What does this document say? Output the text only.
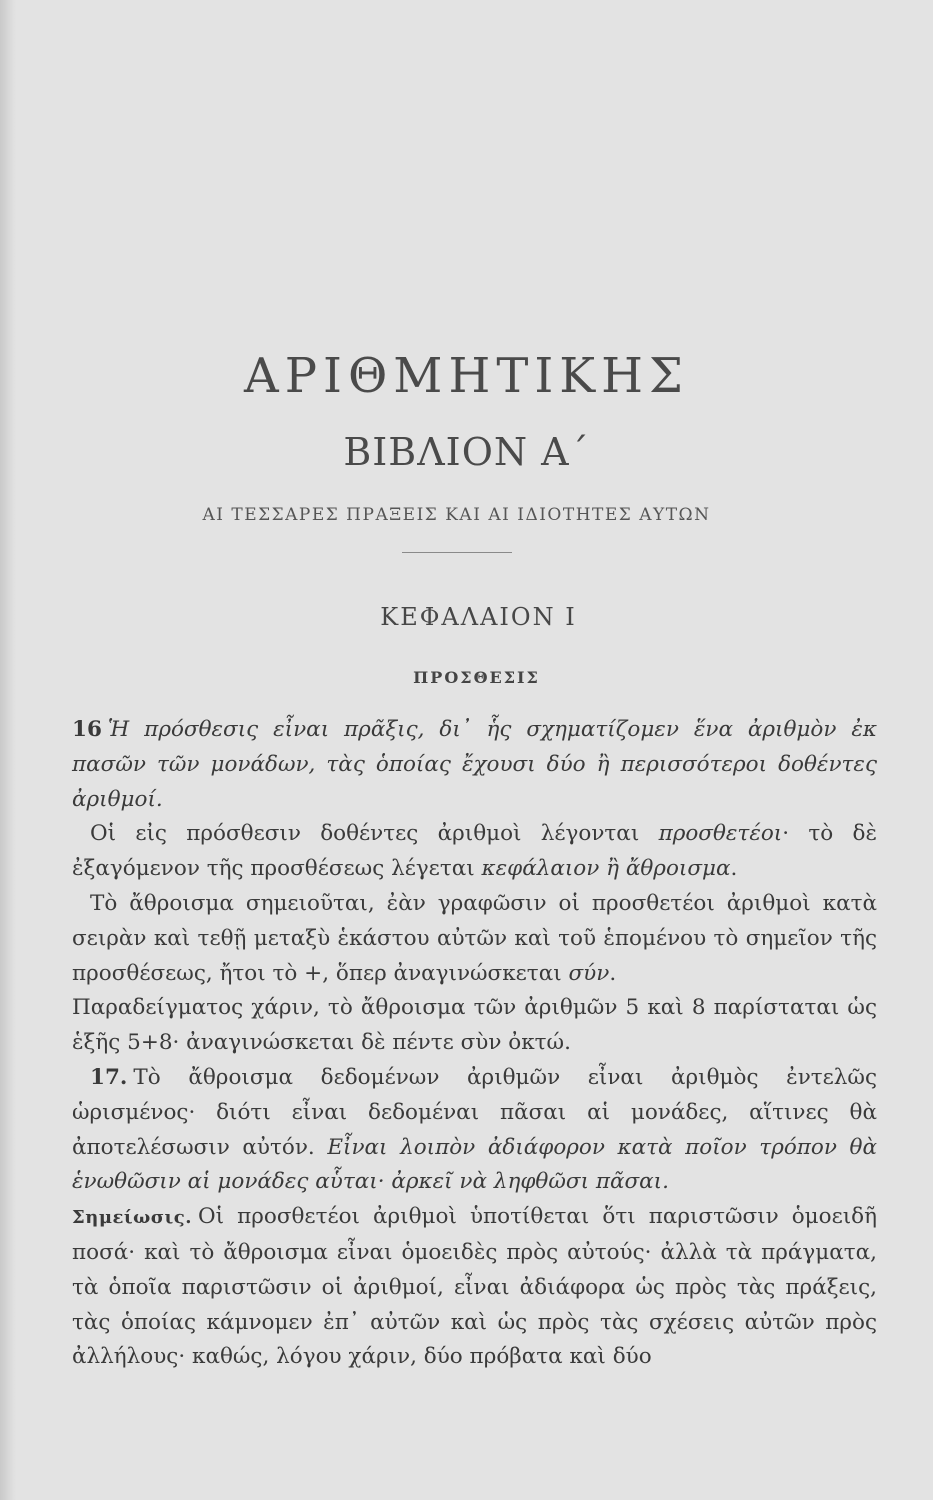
ΑΡΙΘΜΗΤΙΚΗΣ
ΒΙΒΛΙΟΝ Α΄
ΑΙ ΤΕΣΣΑΡΕΣ ΠΡΑΞΕΙΣ ΚΑΙ ΑΙ ΙΔΙΟΤΗΤΕΣ ΑΥΤΩΝ
ΚΕΦΑΛΑΙΟΝ Ι
ΠΡΟΣΘΕΣΙΣ

16 Ἡ πρόσθεσις εἶναι πρᾶξις, δι᾽ ἧς σχηματίζομεν ἕνα ἀριθμὸν ἐκ πασῶν τῶν μονάδων, τὰς ὁποίας ἔχουσι δύο ἢ περισσότεροι δοθέντες ἀριθμοί.

Οἱ εἰς πρόσθεσιν δοθέντες ἀριθμοὶ λέγονται προσθετέοι· τὸ δὲ ἐξαγόμενον τῆς προσθέσεως λέγεται κεφάλαιον ἢ ἄθροισμα.

Τὸ ἄθροισμα σημειοῦται, ἐὰν γραφῶσιν οἱ προσθετέοι ἀριθμοὶ κατὰ σειρὰν καὶ τεθῇ μεταξὺ ἑκάστου αὐτῶν καὶ τοῦ ἑπομένου τὸ σημεῖον τῆς προσθέσεως, ἤτοι τὸ +, ὅπερ ἀναγινώσκεται σύν.

Παραδείγματος χάριν, τὸ ἄθροισμα τῶν ἀριθμῶν 5 καὶ 8 παρίσταται ὡς ἑξῆς 5+8· ἀναγινώσκεται δὲ πέντε σὺν ὀκτώ.

17. Τὸ ἄθροισμα δεδομένων ἀριθμῶν εἶναι ἀριθμὸς ἐντελῶς ὡρισμένος· διότι εἶναι δεδομέναι πᾶσαι αἱ μονάδες, αἵτινες θὰ ἀποτελέσωσιν αὐτόν. Εἶναι λοιπὸν ἀδιάφορον κατὰ ποῖον τρόπον θὰ ἑνωθῶσιν αἱ μονάδες αὗται· ἀρκεῖ νὰ ληφθῶσι πᾶσαι.

Σημείωσις. Οἱ προσθετέοι ἀριθμοὶ ὑποτίθεται ὅτι παριστῶσιν ὁμοειδῆ ποσά· καὶ τὸ ἄθροισμα εἶναι ὁμοειδὲς πρὸς αὐτούς· ἀλλὰ τὰ πράγματα, τὰ ὁποῖα παριστῶσιν οἱ ἀριθμοί, εἶναι ἀδιάφορα ὡς πρὸς τὰς πράξεις, τὰς ὁποίας κάμνομεν ἐπ᾽ αὐτῶν καὶ ὡς πρὸς τὰς σχέσεις αὐτῶν πρὸς ἀλλήλους· καθώς, λόγου χάριν, δύο πρόβατα καὶ δύο
